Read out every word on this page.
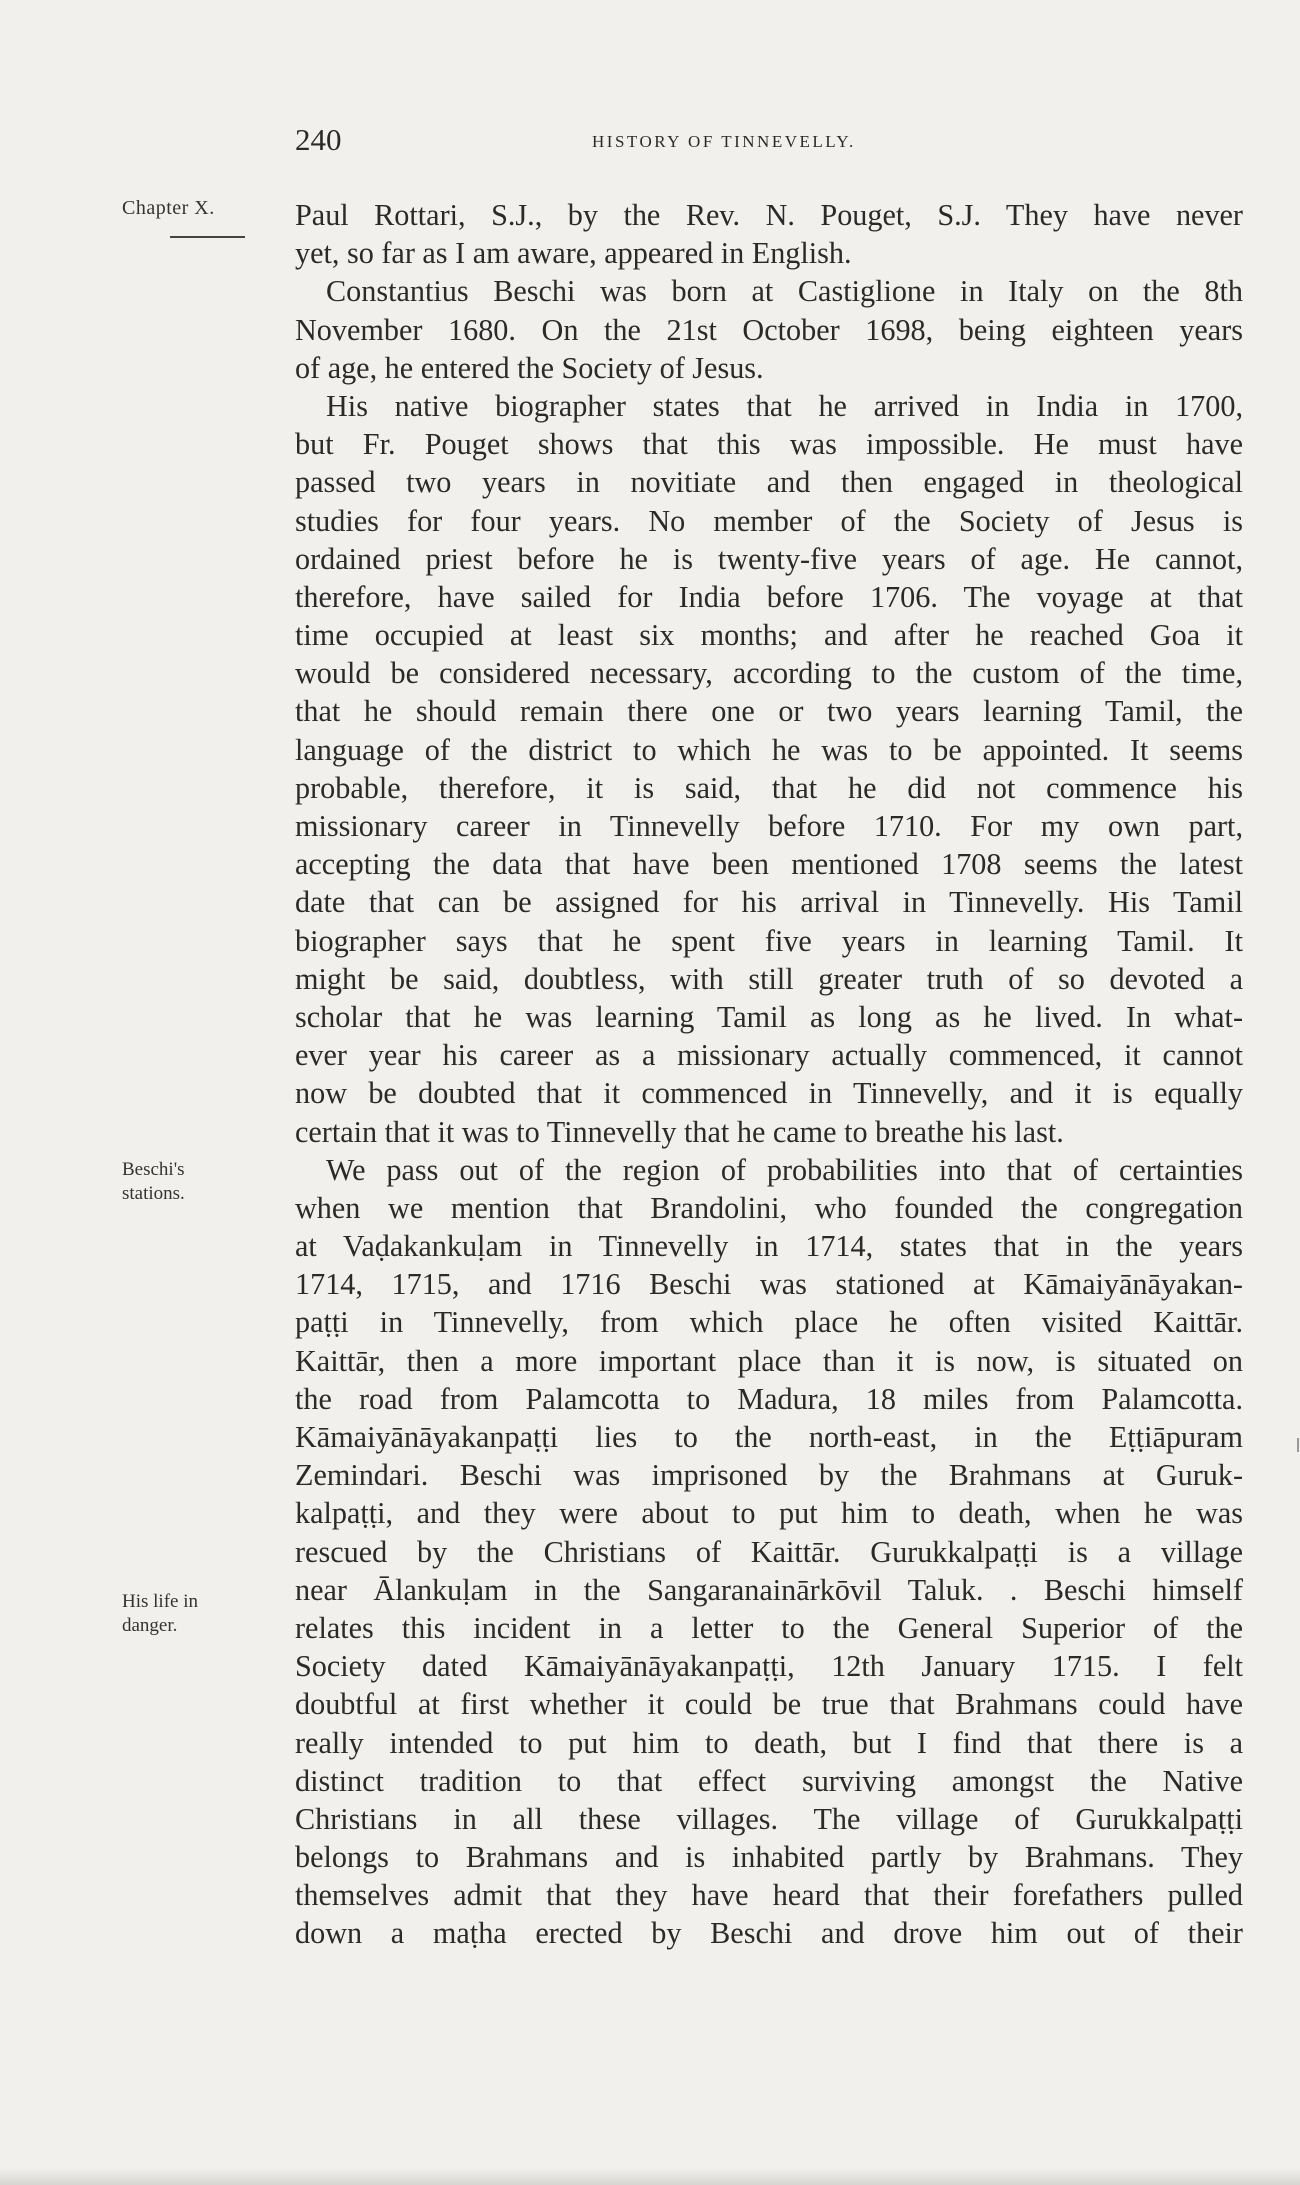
240	HISTORY OF TINNEVELLY.
Chapter X.
Beschi's
stations.
His life in
danger.
Paul Rottari, S.J., by the Rev. N. Pouget, S.J. They have never
yet, so far as I am aware, appeared in English.
Constantius Beschi was born at Castiglione in Italy on the 8th
November 1680. On the 21st October 1698, being eighteen years
of age, he entered the Society of Jesus.
His native biographer states that he arrived in India in 1700,
but Fr. Pouget shows that this was impossible. He must have
passed two years in novitiate and then engaged in theological
studies for four years. No member of the Society of Jesus is
ordained priest before he is twenty-five years of age. He cannot,
therefore, have sailed for India before 1706. The voyage at that
time occupied at least six months; and after he reached Goa it
would be considered necessary, according to the custom of the time,
that he should remain there one or two years learning Tamil, the
language of the district to which he was to be appointed. It seems
probable, therefore, it is said, that he did not commence his
missionary career in Tinnevelly before 1710. For my own part,
accepting the data that have been mentioned 1708 seems the latest
date that can be assigned for his arrival in Tinnevelly. His Tamil
biographer says that he spent five years in learning Tamil. It
might be said, doubtless, with still greater truth of so devoted a
scholar that he was learning Tamil as long as he lived. In what-
ever year his career as a missionary actually commenced, it cannot
now be doubted that it commenced in Tinnevelly, and it is equally
certain that it was to Tinnevelly that he came to breathe his last.
We pass out of the region of probabilities into that of certainties
when we mention that Brandolini, who founded the congregation
at Vaḍakankuḷam in Tinnevelly in 1714, states that in the years
1714, 1715, and 1716 Beschi was stationed at Kāmaiyānāyakan-
paṭṭi in Tinnevelly, from which place he often visited Kaittār.
Kaittār, then a more important place than it is now, is situated on
the road from Palamcotta to Madura, 18 miles from Palamcotta.
Kāmaiyānāyakanpaṭṭi lies to the north-east, in the Eṭṭiāpuram
Zemindari. Beschi was imprisoned by the Brahmans at Guruk-
kalpaṭṭi, and they were about to put him to death, when he was
rescued by the Christians of Kaittār. Gurukkalpaṭṭi is a village
near Ālankuḷam in the Sangaranainārkōvil Taluk. . Beschi himself
relates this incident in a letter to the General Superior of the
Society dated Kāmaiyānāyakanpaṭṭi, 12th January 1715. I felt
doubtful at first whether it could be true that Brahmans could have
really intended to put him to death, but I find that there is a
distinct tradition to that effect surviving amongst the Native
Christians in all these villages. The village of Gurukkalpaṭṭi
belongs to Brahmans and is inhabited partly by Brahmans. They
themselves admit that they have heard that their forefathers pulled
down a maṭha erected by Beschi and drove him out of their
